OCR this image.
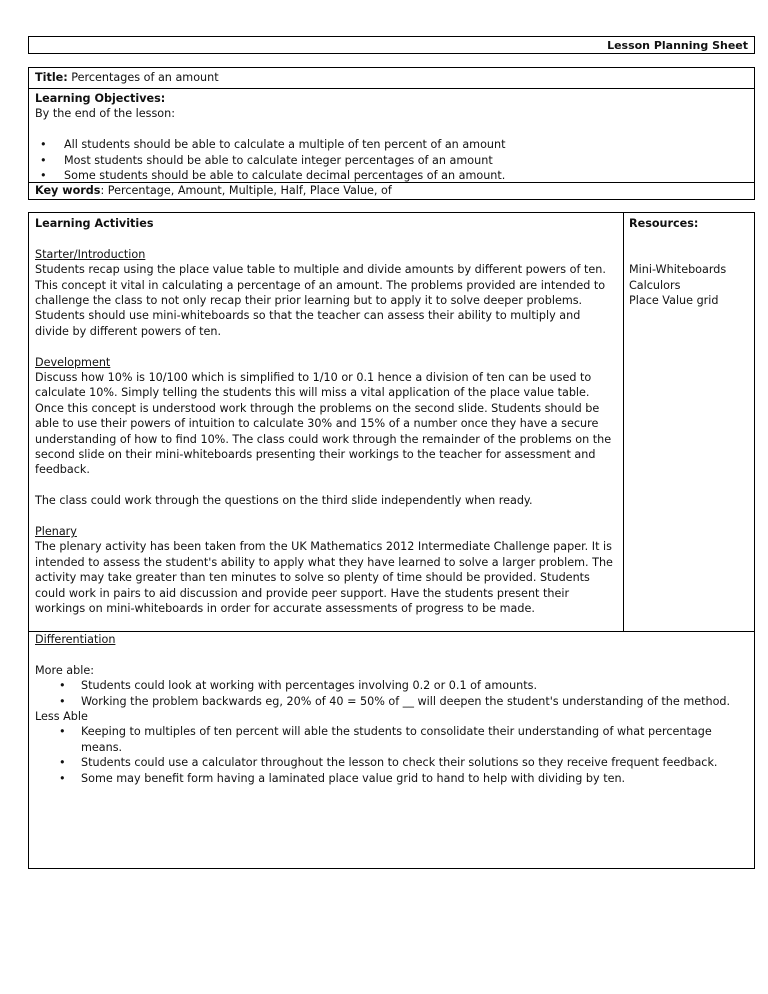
Lesson Planning Sheet
Title: Percentages of an amount

Learning Objectives:

By the end of the lesson:

• All students should be able to calculate a multiple of ten percent of an amount
• Most students should be able to calculate integer percentages of an amount
• Some students should be able to calculate decimal percentages of an amount.
Key words: Percentage, Amount, Multiple, Half, Place Value, of

Learning Activities

Starter/Introduction

Students recap using the place value table to multiple and divide amounts by different powers of ten. This concept it vital in calculating a percentage of an amount. The problems provided are intended to challenge the class to not only recap their prior learning but to apply it to solve deeper problems. Students should use mini-whiteboards so that the teacher can assess their ability to multiply and divide by different powers of ten.

Development

Discuss how 10% is 10/100 which is simplified to 1/10 or 0.1 hence a division of ten can be used to calculate 10%. Simply telling the students this will miss a vital application of the place value table. Once this concept is understood work through the problems on the second slide. Students should be able to use their powers of intuition to calculate 30% and 15% of a number once they have a secure understanding of how to find 10%. The class could work through the remainder of the problems on the second slide on their mini-whiteboards presenting their workings to the teacher for assessment and feedback.

The class could work through the questions on the third slide independently when ready.

Plenary

The plenary activity has been taken from the UK Mathematics 2012 Intermediate Challenge paper. It is intended to assess the student's ability to apply what they have learned to solve a larger problem. The activity may take greater than ten minutes to solve so plenty of time should be provided. Students could work in pairs to aid discussion and provide peer support. Have the students present their workings on mini-whiteboards in order for accurate assessments of progress to be made.

Resources:

Mini-Whiteboards

Calculors

Place Value grid

Differentiation

More able:

• Students could look at working with percentages involving 0.2 or 0.1 of amounts.
• Working the problem backwards eg, 20% of 40 = 50% of __ will deepen the student's understanding of the method.

Less Able

• Keeping to multiples of ten percent will able the students to consolidate their understanding of what percentage means.
• Students could use a calculator throughout the lesson to check their solutions so they receive frequent feedback.
• Some may benefit form having a laminated place value grid to hand to help with dividing by ten.
